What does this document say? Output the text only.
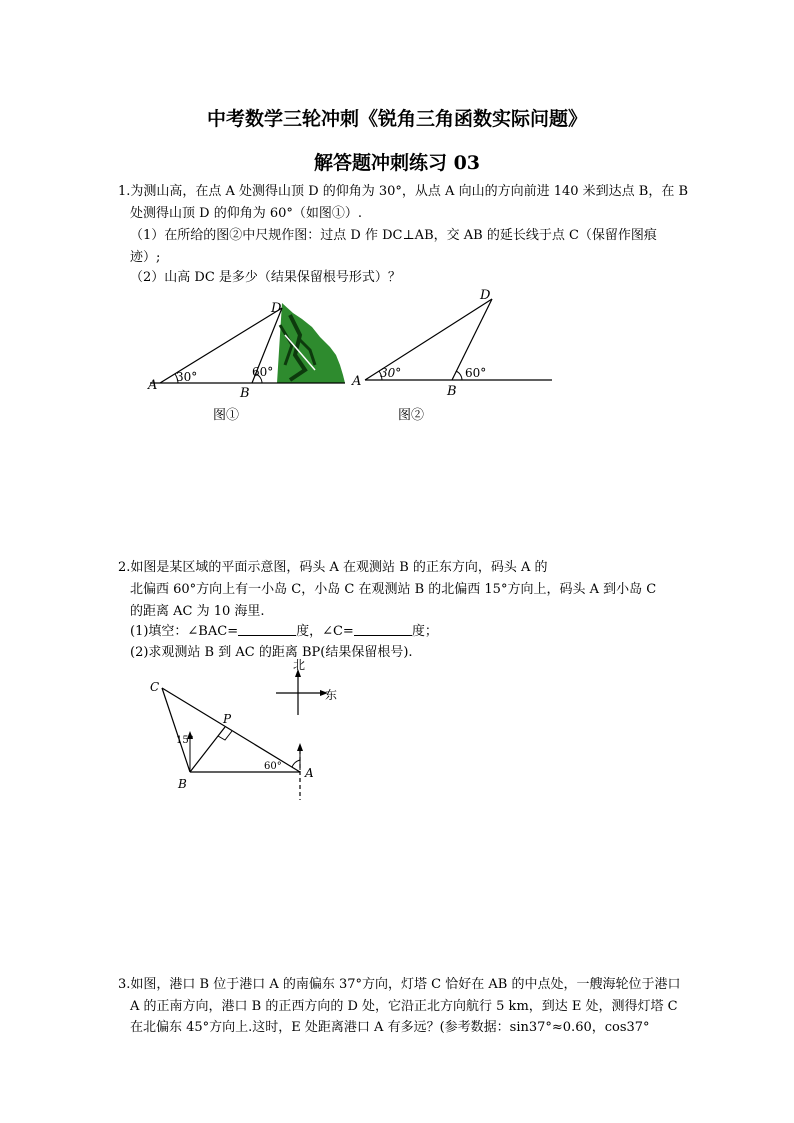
中考数学三轮冲刺《锐角三角函数实际问题》
解答题冲刺练习 03
1.为测山高，在点 A 处测得山顶 D 的仰角为 30°，从点 A 向山的方向前进 140 米到达点 B，在 B
处测得山顶 D 的仰角为 60°（如图①）.
（1）在所给的图②中尺规作图：过点 D 作 DC⊥AB，交 AB 的延长线于点 C（保留作图痕
迹）;
（2）山高 DC 是多少（结果保留根号形式）？
A
B
D
30°	60°
图①
A
B
D
30°	60°
图②
2.如图是某区域的平面示意图，码头 A 在观测站 B 的正东方向，码头 A 的
北偏西 60°方向上有一小岛 C，小岛 C 在观测站 B 的北偏西 15°方向上，码头 A 到小岛 C
的距离 AC 为 10 海里.
(1)填空：∠BAC=	度，∠C=	度；
(2)求观测站 B 到 AC 的距离 BP(结果保留根号).
北
东
C
P
B
A
15°
60°
3.如图，港口 B 位于港口 A 的南偏东 37°方向，灯塔 C 恰好在 AB 的中点处，一艘海轮位于港口
A 的正南方向，港口 B 的正西方向的 D 处，它沿正北方向航行 5 km，到达 E 处，测得灯塔 C
在北偏东 45°方向上.这时，E 处距离港口 A 有多远？(参考数据：sin37°≈0.60，cos37°
